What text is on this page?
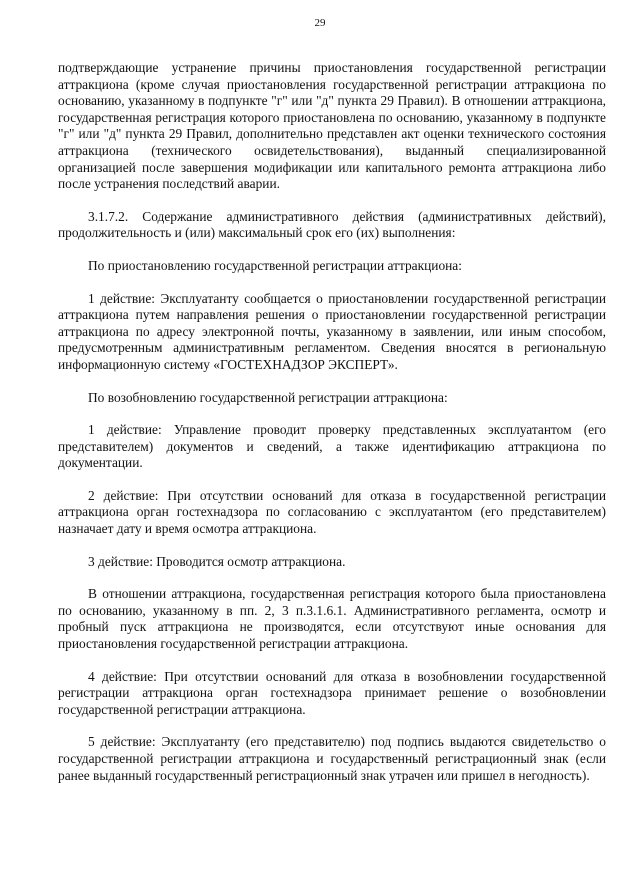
29

подтверждающие устранение причины приостановления государственной регистрации аттракциона (кроме случая приостановления государственной регистрации аттракциона по основанию, указанному в подпункте "г" или "д" пункта 29 Правил). В отношении аттракциона, государственная регистрация которого приостановлена по основанию, указанному в подпункте "г" или "д" пункта 29 Правил, дополнительно представлен акт оценки технического состояния аттракциона (технического освидетельствования), выданный специализированной организацией после завершения модификации или капитального ремонта аттракциона либо после устранения последствий аварии.

3.1.7.2. Содержание административного действия (административных действий), продолжительность и (или) максимальный срок его (их) выполнения:

По приостановлению государственной регистрации аттракциона:

1 действие: Эксплуатанту сообщается о приостановлении государственной регистрации аттракциона путем направления решения о приостановлении государственной регистрации аттракциона по адресу электронной почты, указанному в заявлении, или иным способом, предусмотренным административным регламентом. Сведения вносятся в региональную информационную систему «ГОСТЕХНАДЗОР ЭКСПЕРТ».

По возобновлению государственной регистрации аттракциона:

1 действие: Управление проводит проверку представленных эксплуатантом (его представителем) документов и сведений, а также идентификацию аттракциона по документации.

2 действие: При отсутствии оснований для отказа в государственной регистрации аттракциона орган гостехнадзора по согласованию с эксплуатантом (его представителем) назначает дату и время осмотра аттракциона.

3 действие: Проводится осмотр аттракциона.

В отношении аттракциона, государственная регистрация которого была приостановлена по основанию, указанному в пп. 2, 3 п.3.1.6.1. Административного регламента, осмотр и пробный пуск аттракциона не производятся, если отсутствуют иные основания для приостановления государственной регистрации аттракциона.

4 действие: При отсутствии оснований для отказа в возобновлении государственной регистрации аттракциона орган гостехнадзора принимает решение о возобновлении государственной регистрации аттракциона.

5 действие: Эксплуатанту (его представителю) под подпись выдаются свидетельство о государственной регистрации аттракциона и государственный регистрационный знак (если ранее выданный государственный регистрационный знак утрачен или пришел в негодность).
